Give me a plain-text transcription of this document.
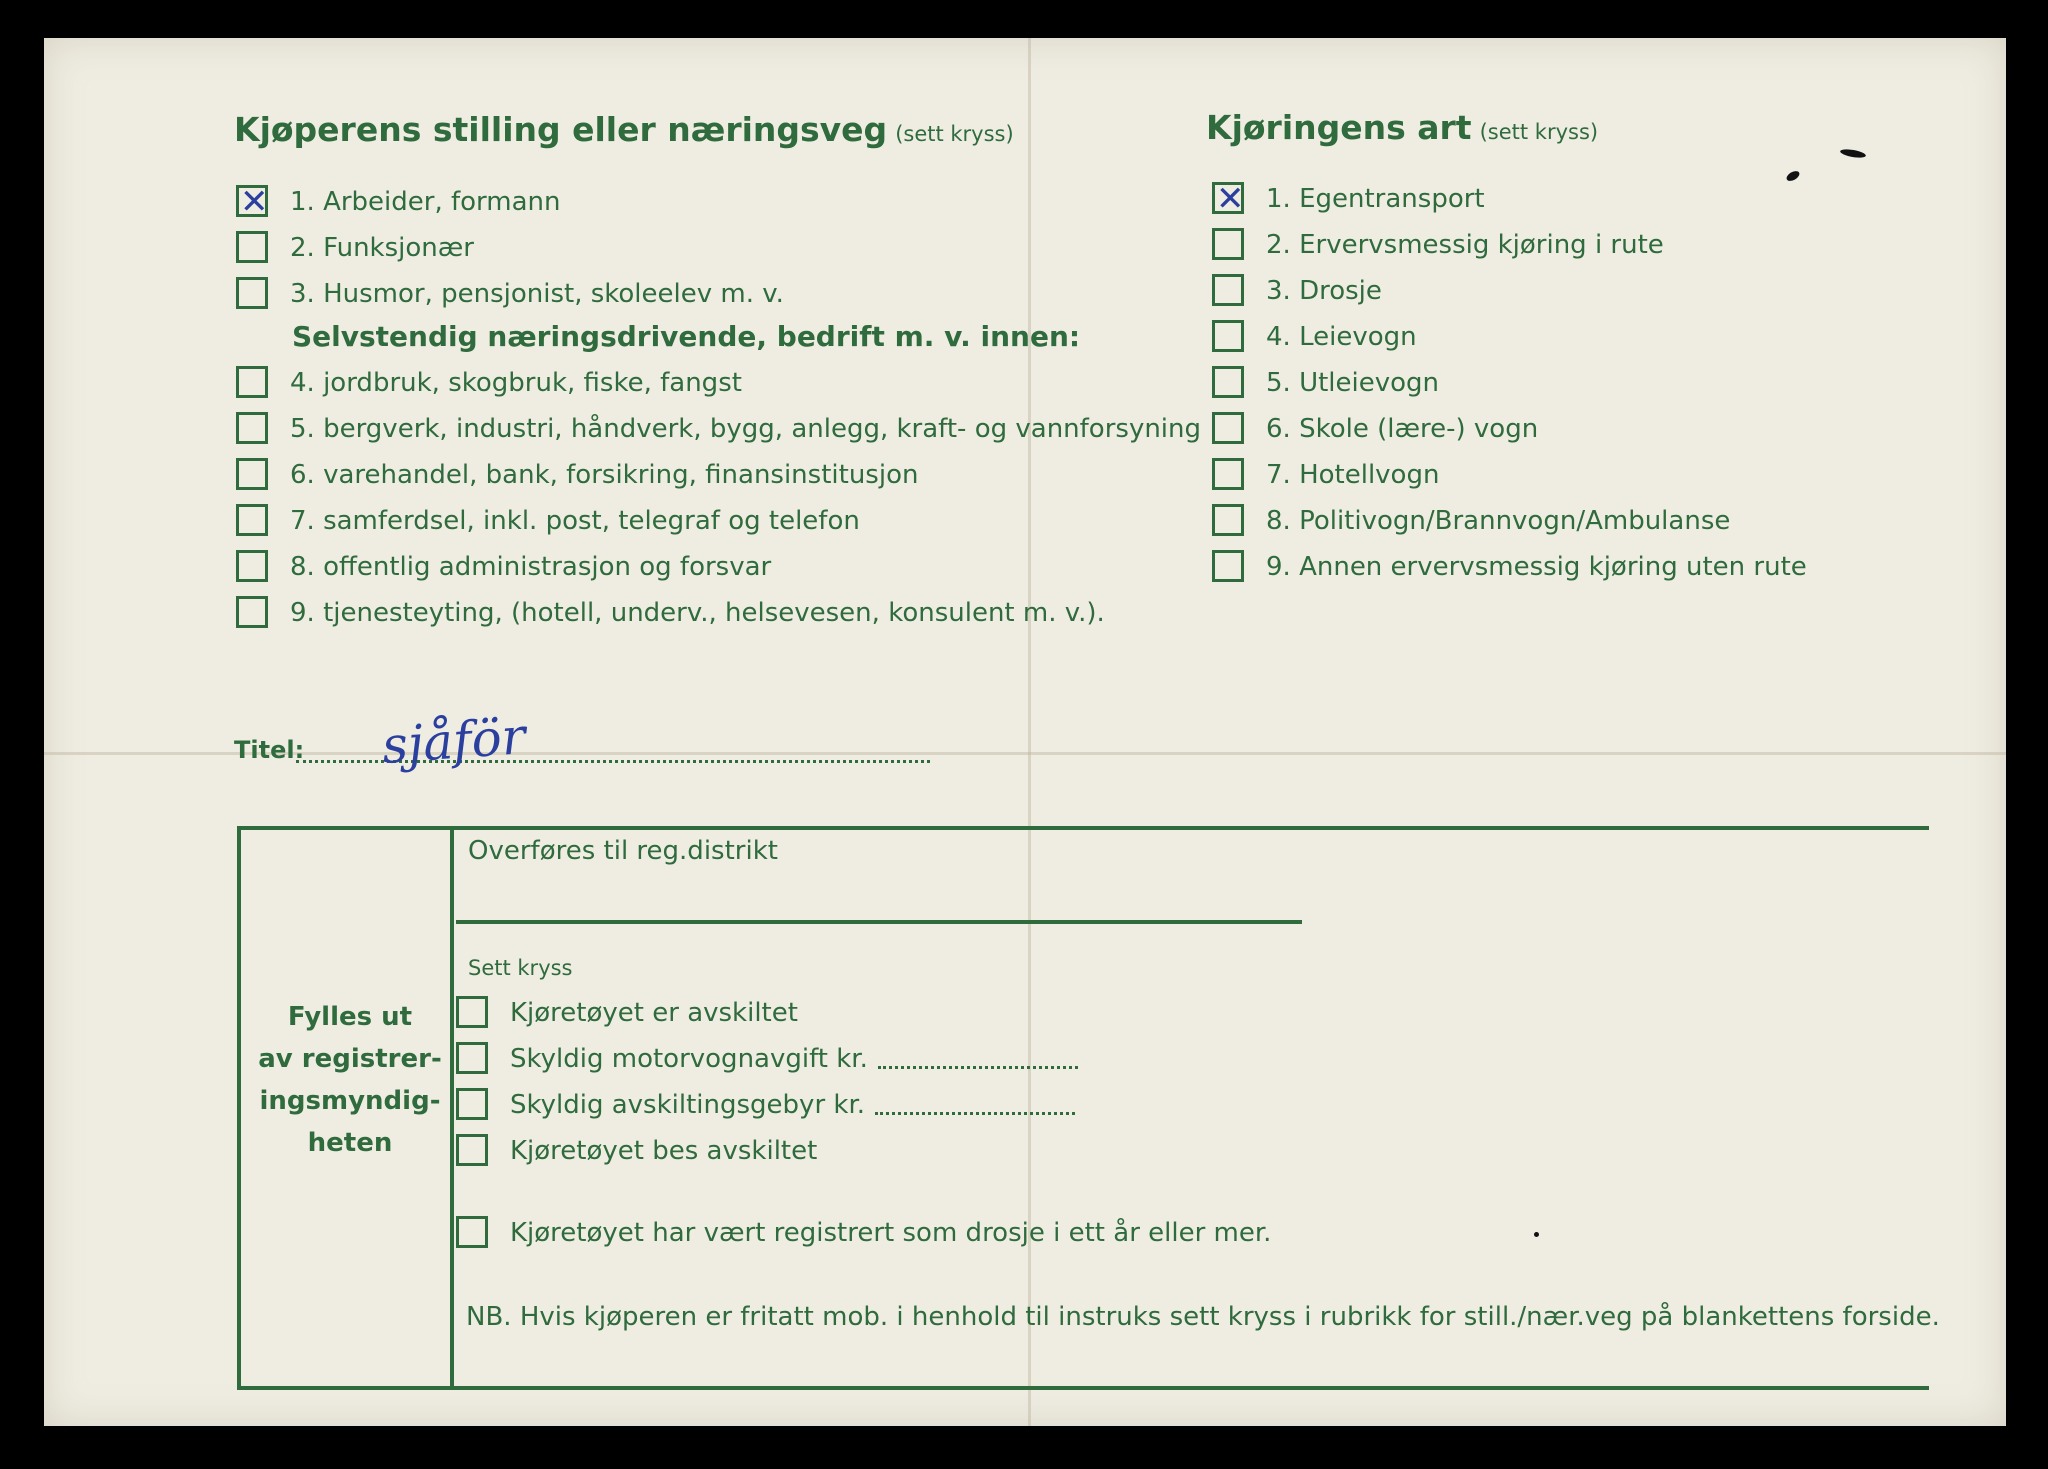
Kjøperens stilling eller næringsveg (sett kryss)
✕
1. Arbeider, formann
2. Funksjonær
3. Husmor, pensjonist, skoleelev m. v.
Selvstendig næringsdrivende, bedrift m. v. innen:
4. jordbruk, skogbruk, fiske, fangst
5. bergverk, industri, håndverk, bygg, anlegg, kraft- og vannforsyning
6. varehandel, bank, forsikring, finansinstitusjon
7. samferdsel, inkl. post, telegraf og telefon
8. offentlig administrasjon og forsvar
9. tjenesteyting, (hotell, underv., helsevesen, konsulent m. v.).
Titel: sjåför
Kjøringens art (sett kryss)
✕
1. Egentransport
2. Ervervsmessig kjøring i rute
3. Drosje
4. Leievogn
5. Utleievogn
6. Skole (lære-) vogn
7. Hotellvogn
8. Politivogn/Brannvogn/Ambulanse
9. Annen ervervsmessig kjøring uten rute
Fylles ut
av registrer-
ingsmyndig-
heten
Overføres til reg.distrikt
Sett kryss
Kjøretøyet er avskiltet
Skyldig motorvognavgift kr.
Skyldig avskiltingsgebyr kr.
Kjøretøyet bes avskiltet
Kjøretøyet har vært registrert som drosje i ett år eller mer.
NB. Hvis kjøperen er fritatt mob. i henhold til instruks sett kryss i rubrikk for still./nær.veg på blankettens forside.
